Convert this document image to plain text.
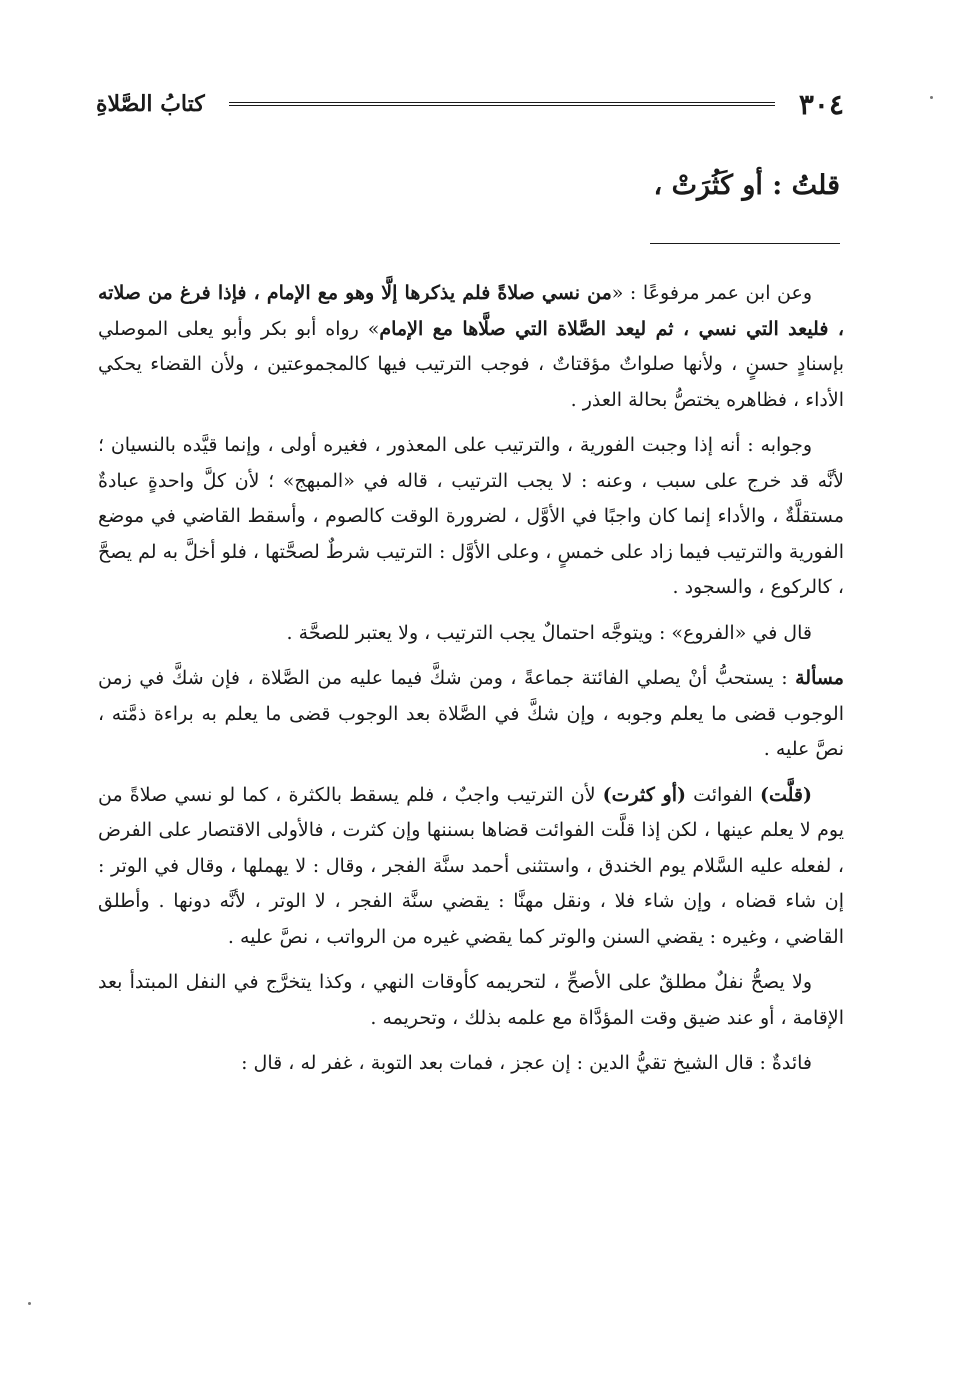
٣٠٤
كتابُ الصَّلاةِ
قلتُ : أو كَثُرَتْ ،

وعن ابن عمر مرفوعًا : «من نسي صلاةً فلم يذكرها إلَّا وهو مع الإمام ، فإذا فرغ من صلاته ، فليعد التي نسي ، ثم ليعد الصَّلاة التي صلَّاها مع الإمام» رواه أبو بكر وأبو يعلى الموصلي بإسنادٍ حسنٍ ، ولأنها صلواتٌ مؤقتاتٌ ، فوجب الترتيب فيها كالمجموعتين ، ولأن القضاء يحكي الأداء ، فظاهره يختصُّ بحالة العذر .

وجوابه : أنه إذا وجبت الفورية ، والترتيب على المعذور ، فغيره أولى ، وإنما قيَّده بالنسيان ؛ لأنَّه قد خرج على سبب ، وعنه : لا يجب الترتيب ، قاله في «المبهج» ؛ لأن كلَّ واحدةٍ عبادةٌ مستقلَّةٌ ، والأداء إنما كان واجبًا في الأوَّل ، لضرورة الوقت كالصوم ، وأسقط القاضي في موضع الفورية والترتيب فيما زاد على خمسٍ ، وعلى الأوَّل : الترتيب شرطٌ لصحَّتها ، فلو أخلَّ به لم يصحَّ ، كالركوع ، والسجود .

قال في «الفروع» : ويتوجَّه احتمالٌ يجب الترتيب ، ولا يعتبر للصحَّة .

مسألة : يستحبُّ أنْ يصلي الفائتة جماعةً ، ومن شكَّ فيما عليه من الصَّلاة ، فإن شكَّ في زمن الوجوب قضى ما يعلم وجوبه ، وإن شكَّ في الصَّلاة بعد الوجوب قضى ما يعلم به براءة ذمَّته ، نصَّ عليه .

(قلَّت) الفوائت (أو كثرت) لأن الترتيب واجبٌ ، فلم يسقط بالكثرة ، كما لو نسي صلاةً من يوم لا يعلم عينها ، لكن إذا قلَّت الفوائت قضاها بسننها وإن كثرت ، فالأولى الاقتصار على الفرض ، لفعله عليه السَّلام يوم الخندق ، واستثنى أحمد سنَّة الفجر ، وقال : لا يهملها ، وقال في الوتر : إن شاء قضاه ، وإن شاء فلا ، ونقل مهنَّا : يقضي سنَّة الفجر ، لا الوتر ، لأنَّه دونها . وأطلق القاضي ، وغيره : يقضي السنن والوتر كما يقضي غيره من الرواتب ، نصَّ عليه .

ولا يصحُّ نفلٌ مطلقٌ على الأصحِّ ، لتحريمه كأوقات النهي ، وكذا يتخرَّج في النفل المبتدأ بعد الإقامة ، أو عند ضيق وقت المؤدَّاة مع علمه بذلك ، وتحريمه .

فائدةٌ : قال الشيخ تقيُّ الدين : إن عجز ، فمات بعد التوبة ، غفر له ، قال :
